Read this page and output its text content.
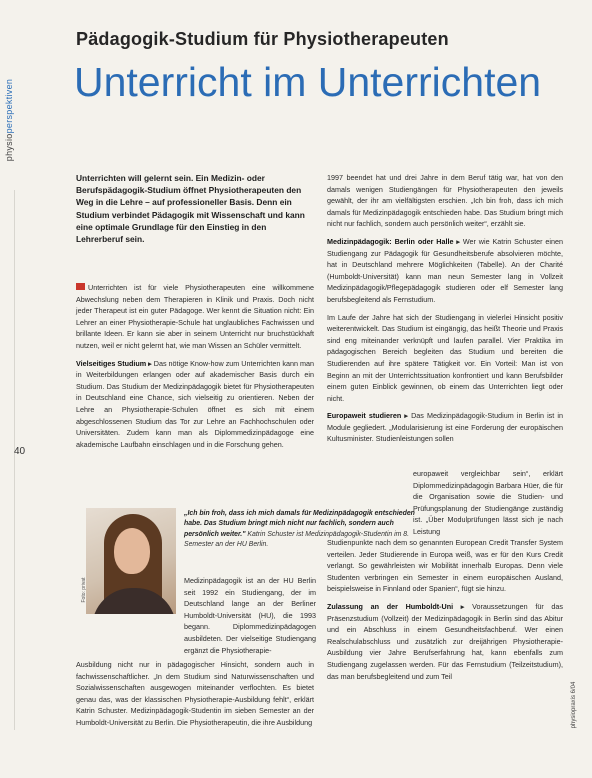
physioperspektiven
40
Pädagogik-Studium für Physiotherapeuten
Unterricht im Unterrichten
Unterrichten will gelernt sein. Ein Medizin- oder Berufspädagogik-Studium öffnet Physiotherapeuten den Weg in die Lehre – auf professioneller Basis. Denn ein Studium verbindet Pädagogik mit Wissenschaft und kann eine optimale Grundlage für den Einstieg in den Lehrerberuf sein.

Unterrichten ist für viele Physiotherapeuten eine willkommene Abwechslung neben dem Therapieren in Klinik und Praxis. Doch nicht jeder Therapeut ist ein guter Pädagoge. Wer kennt die Situation nicht: Ein Lehrer an einer Physiotherapie-Schule hat unglaubliches Fachwissen und brillante Ideen. Er kann sie aber in seinem Unterricht nur bruchstückhaft nutzen, weil er nicht gelernt hat, wie man Wissen an Schüler vermittelt.

Vielseitiges Studium ▸ Das nötige Know-how zum Unterrichten kann man in Weiterbildungen erlangen oder auf akademischer Basis durch ein Studium. Das Studium der Medizinpädagogik bietet für Physiotherapeuten in Deutschland eine Chance, sich vielseitig zu orientieren. Neben der Lehre an Physiotherapie-Schulen öffnet es sich mit einem abgeschlossenen Studium das Tor zur Lehre an Fachhochschulen oder Universitäten. Zudem kann man als Diplommedizinpädagoge eine akademische Laufbahn einschlagen und in die Forschung gehen.

Foto: privat
„Ich bin froh, dass ich mich damals für Medizinpädagogik entschieden habe. Das Studium bringt mich nicht nur fachlich, sondern auch persönlich weiter." Katrin Schuster ist Medizinpädagogik-Studentin im 8. Semester an der HU Berlin.

Medizinpädagogik ist an der HU Berlin seit 1992 ein Studiengang, der im Deutschland lange an der Berliner Humboldt-Universität (HU), die 1993 begann. Diplommedizinpädagogen ausbildeten. Der vielseitige Studiengang ergänzt die Physiotherapie-

Ausbildung nicht nur in pädagogischer Hinsicht, sondern auch in fachwissenschaftlicher. „In dem Studium sind Naturwissenschaften und Sozialwissenschaften ausgewogen miteinander verflochten. Es bietet genau das, was der klassischen Physiotherapie-Ausbildung fehlt“, erklärt Katrin Schuster. Medizinpädagogik-Studentin im sieben Semester an der Humboldt-Universität zu Berlin. Die Physiotherapeutin, die ihre Ausbildung

1997 beendet hat und drei Jahre in dem Beruf tätig war, hat von den damals wenigen Studiengängen für Physiotherapeuten den jeweils gewählt, der ihr am vielfältigsten erschien. „Ich bin froh, dass ich mich damals für Medizinpädagogik entschieden habe. Das Studium bringt mich nicht nur fachlich, sondern auch persönlich weiter“, erzählt sie.

Medizinpädagogik: Berlin oder Halle ▸ Wer wie Katrin Schuster einen Studiengang zur Pädagogik für Gesundheitsberufe absolvieren möchte, hat in Deutschland mehrere Möglichkeiten (Tabelle). An der Charité (Humboldt-Universität) kann man neun Semester lang in Vollzeit Medizinpädagogik/Pflegepädagogik studieren oder elf Semester lang berufsbegleitend als Fernstudium.

Im Laufe der Jahre hat sich der Studiengang in vielerlei Hinsicht positiv weiterentwickelt. Das Studium ist eingängig, das heißt Theorie und Praxis sind eng miteinander verknüpft und laufen parallel. Vier Praktika im pädagogischen Bereich begleiten das Studium und bereiten die Studierenden auf ihre spätere Tätigkeit vor. Ein Vorteil: Man ist von Beginn an mit der Unterrichtssituation konfrontiert und kann Berufsbilder einem guten Einblick gewinnen, ob einem das Unterrichten liegt oder nicht.

Europaweit studieren ▸ Das Medizinpädagogik-Studium in Berlin ist in Module gegliedert. „Modularisierung ist eine Forderung der europäischen Kultusminister. Studienleistungen sollen

europaweit vergleichbar sein“, erklärt Diplommedizinpädagogin Barbara Hüer, die für die Organisation sowie die Studien- und Prüfungsplanung der Studiengänge zuständig ist. „Über Modulprüfungen lässt sich je nach Leistung

Studienpunkte nach dem so genannten European Credit Transfer System verteilen. Jeder Studierende in Europa weiß, was er für den Kurs Credit verlangt. So gewährleisten wir Mobilität innerhalb Europas. Denn viele Studenten verbringen ein Semester in einem europäischen Ausland, beispielsweise in Finnland oder Spanien“, fügt sie hinzu.

Zulassung an der Humboldt-Uni ▸ Voraussetzungen für das Präsenzstudium (Vollzeit) der Medizinpädagogik in Berlin sind das Abitur und ein Abschluss in einem Gesundheitsfachberuf. Wer einen Realschulabschluss und zusätzlich zur dreijährigen Physiotherapie-Ausbildung vier Jahre Berufserfahrung hat, kann ebenfalls zum Studiengang zugelassen werden. Für das Fernstudium (Teilzeitstudium), das man berufsbegleitend und zum Teil

physiopraxis 6/04
